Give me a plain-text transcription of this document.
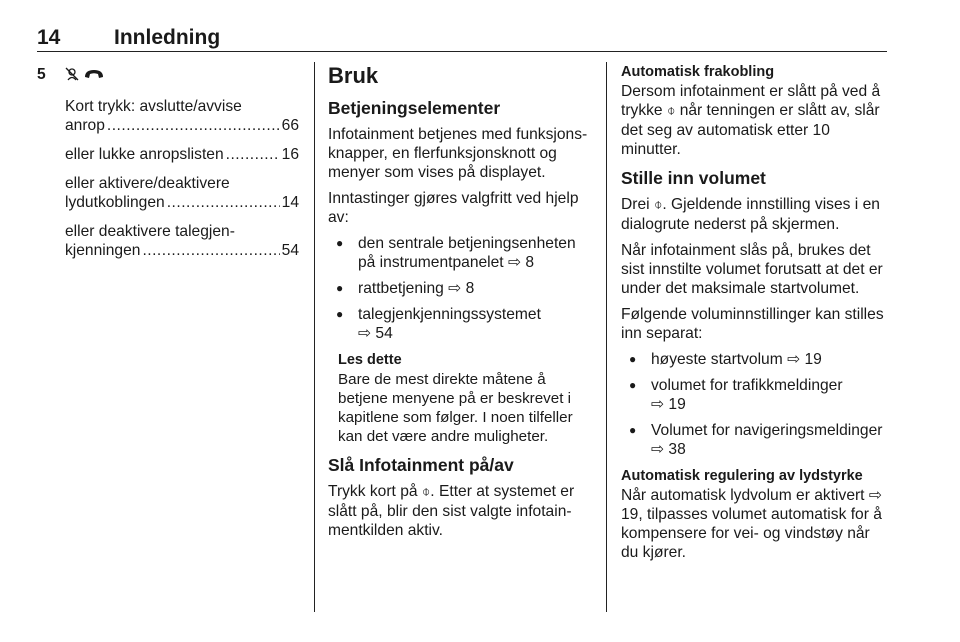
14	Innledning
5

Kort trykk: avslutte/avvise
anrop .....	66
eller lukke anropslisten .....	16
eller aktivere/deaktivere
lydutkoblingen .....	14
eller deaktivere talegjen-
kjenningen .....	54
Bruk
Betjeningselementer

Infotainment betjenes med funksjonsknapper, en flerfunksjonsknott og menyer som vises på displayet.

Inntastinger gjøres valgfritt ved hjelp av:

● den sentrale betjeningsenheten på instrumentpanelet ⇨ 8
● rattbetjening ⇨ 8
● talegjenkjenningssystemet
⇨ 54
Les dette
Bare de mest direkte måtene å betjene menyene på er beskrevet i kapitlene som følger. I noen tilfeller kan det være andre muligheter.
Slå Infotainment på/av

Trykk kort på ⌽. Etter at systemet er slått på, blir den sist valgte infotainmentkilden aktiv.

Automatisk frakobling
Dersom infotainment er slått på ved å trykke ⌽ når tenningen er slått av, slår det seg av automatisk etter 10 minutter.
Stille inn volumet

Drei ⌽. Gjeldende innstilling vises i en dialogrute nederst på skjermen.

Når infotainment slås på, brukes det sist innstilte volumet forutsatt at det er under det maksimale startvolumet.

Følgende voluminnstillinger kan stilles inn separat:

● høyeste startvolum ⇨ 19
● volumet for trafikkmeldinger
⇨ 19
● Volumet for navigeringsmeldinger ⇨ 38
Automatisk regulering av lydstyrke
Når automatisk lydvolum er aktivert ⇨ 19, tilpasses volumet automatisk for å kompensere for vei- og vindstøy når du kjører.
